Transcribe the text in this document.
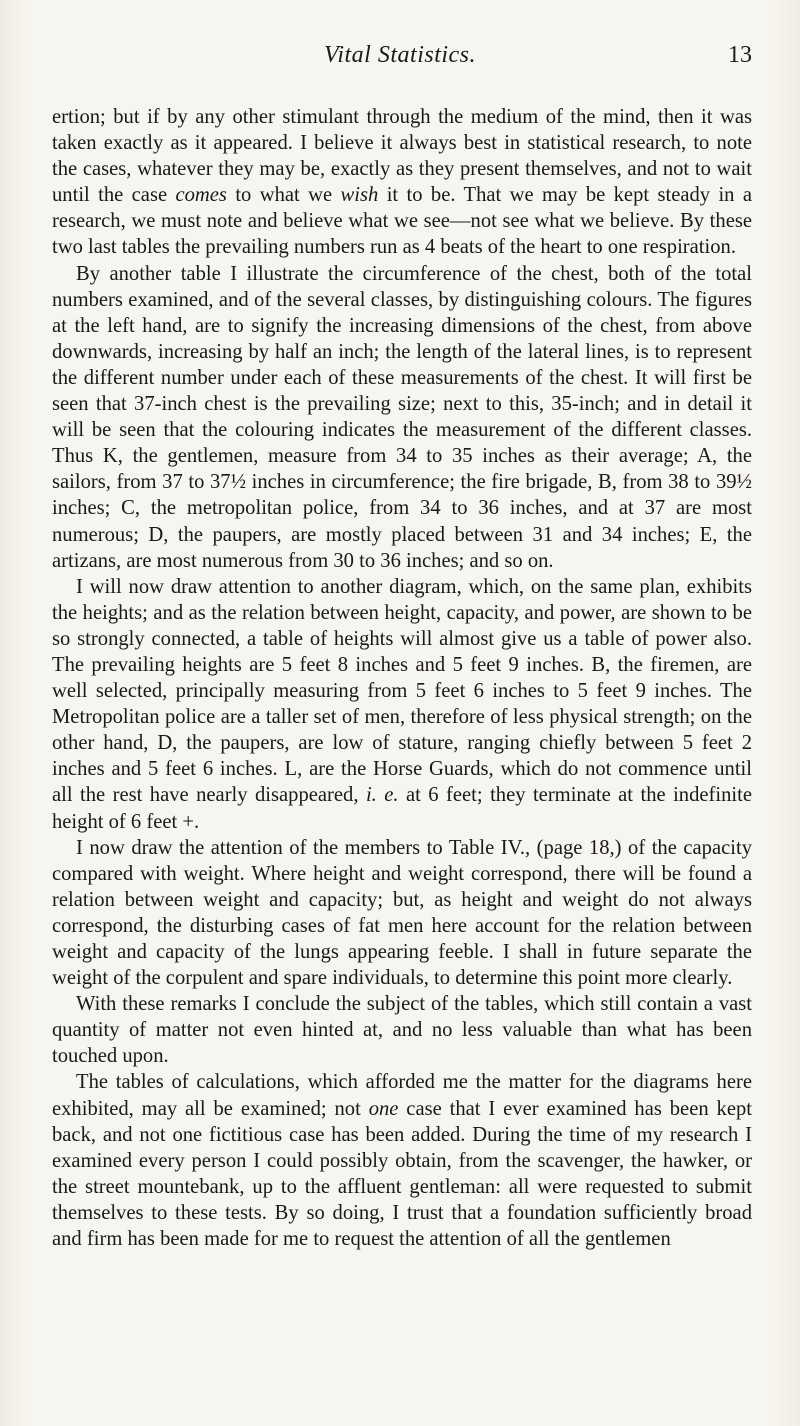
Vital Statistics.	13

ertion; but if by any other stimulant through the medium of the mind, then it was taken exactly as it appeared. I believe it always best in statistical research, to note the cases, whatever they may be, exactly as they present themselves, and not to wait until the case comes to what we wish it to be. That we may be kept steady in a research, we must note and believe what we see—not see what we believe. By these two last tables the prevailing numbers run as 4 beats of the heart to one respiration.

By another table I illustrate the circumference of the chest, both of the total numbers examined, and of the several classes, by distinguishing colours. The figures at the left hand, are to signify the increasing dimensions of the chest, from above downwards, increasing by half an inch; the length of the lateral lines, is to represent the different number under each of these measurements of the chest. It will first be seen that 37-inch chest is the prevailing size; next to this, 35-inch; and in detail it will be seen that the colouring indicates the measurement of the different classes. Thus K, the gentlemen, measure from 34 to 35 inches as their average; A, the sailors, from 37 to 37½ inches in circumference; the fire brigade, B, from 38 to 39½ inches; C, the metropolitan police, from 34 to 36 inches, and at 37 are most numerous; D, the paupers, are mostly placed between 31 and 34 inches; E, the artizans, are most numerous from 30 to 36 inches; and so on.

I will now draw attention to another diagram, which, on the same plan, exhibits the heights; and as the relation between height, capacity, and power, are shown to be so strongly connected, a table of heights will almost give us a table of power also. The prevailing heights are 5 feet 8 inches and 5 feet 9 inches. B, the firemen, are well selected, principally measuring from 5 feet 6 inches to 5 feet 9 inches. The Metropolitan police are a taller set of men, therefore of less physical strength; on the other hand, D, the paupers, are low of stature, ranging chiefly between 5 feet 2 inches and 5 feet 6 inches. L, are the Horse Guards, which do not commence until all the rest have nearly disappeared, i. e. at 6 feet; they terminate at the indefinite height of 6 feet +.

I now draw the attention of the members to Table IV., (page 18,) of the capacity compared with weight. Where height and weight correspond, there will be found a relation between weight and capacity; but, as height and weight do not always correspond, the disturbing cases of fat men here account for the relation between weight and capacity of the lungs appearing feeble. I shall in future separate the weight of the corpulent and spare individuals, to determine this point more clearly.

With these remarks I conclude the subject of the tables, which still contain a vast quantity of matter not even hinted at, and no less valuable than what has been touched upon.

The tables of calculations, which afforded me the matter for the diagrams here exhibited, may all be examined; not one case that I ever examined has been kept back, and not one fictitious case has been added. During the time of my research I examined every person I could possibly obtain, from the scavenger, the hawker, or the street mountebank, up to the affluent gentleman: all were requested to submit themselves to these tests. By so doing, I trust that a foundation sufficiently broad and firm has been made for me to request the attention of all the gentlemen
